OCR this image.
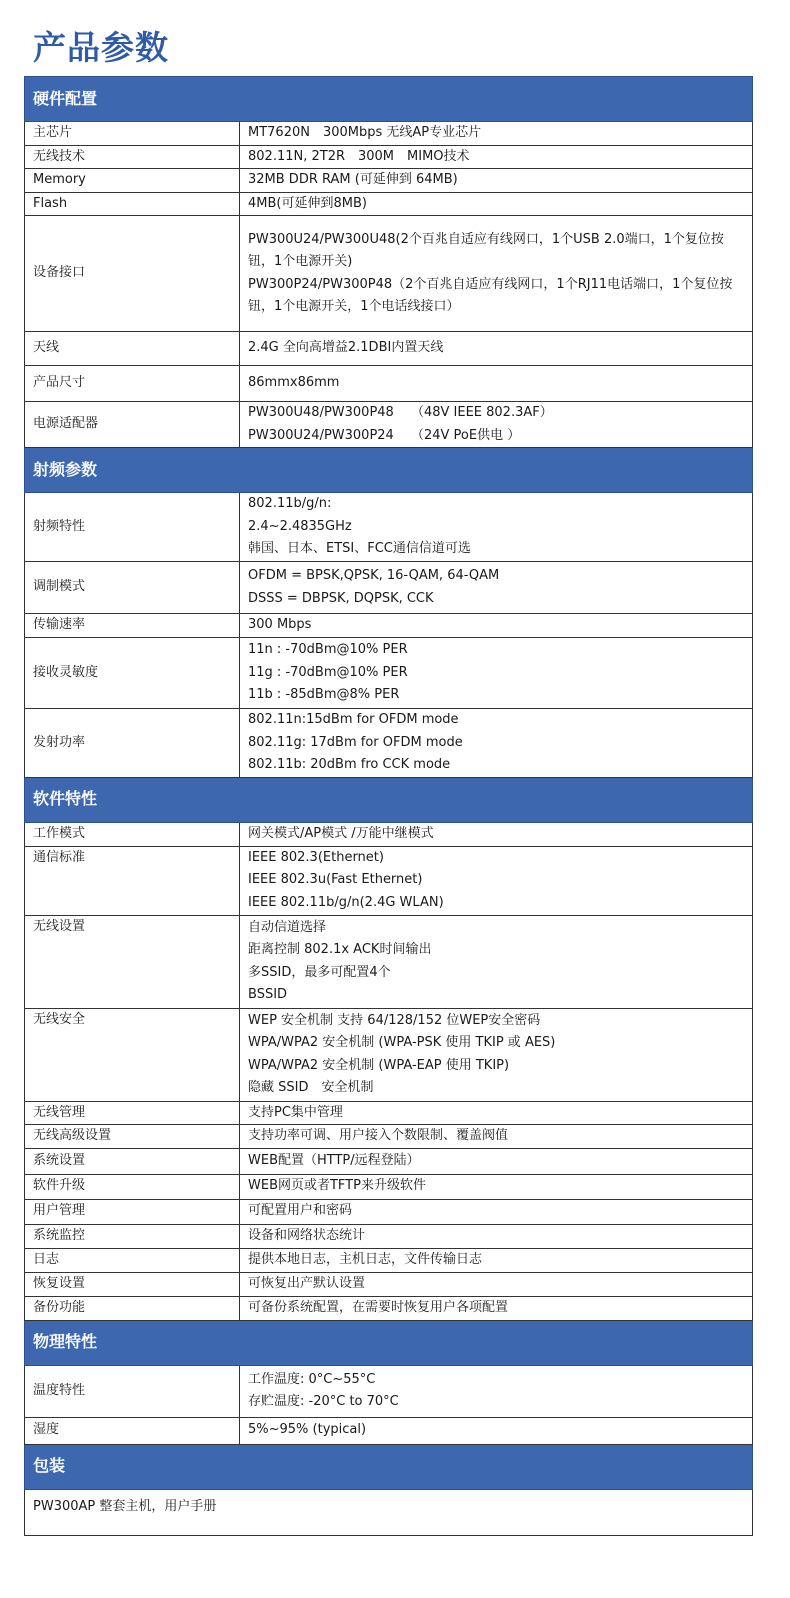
产品参数
硬件配置	
主芯片	MT7620N　300Mbps 无线AP专业芯片
无线技术	802.11N, 2T2R　300M　MIMO技术
Memory	32MB DDR RAM (可延伸到 64MB)
Flash	4MB(可延伸到8MB)
设备接口	PW300U24/PW300U48(2个百兆自适应有线网口，1个USB 2.0端口，1个复位按钮，1个电源开关)
PW300P24/PW300P48（2个百兆自适应有线网口，1个RJ11电话端口，1个复位按钮，1个电源开关，1个电话线接口）

天线	2.4G 全向高增益2.1DBI内置天线
产品尺寸	86mmx86mm
电源适配器	PW300U48/PW300P48　 （48V IEEE 802.3AF）
PW300U24/PW300P24　 （24V PoE供电 ）

射频参数	
射频特性	802.11b/g/n:
2.4~2.4835GHz
韩国、日本、ETSI、FCC通信信道可选

调制模式	OFDM = BPSK,QPSK, 16-QAM, 64-QAM
DSSS = DBPSK, DQPSK, CCK

传输速率	300 Mbps
接收灵敏度	11n : -70dBm@10% PER
11g : -70dBm@10% PER
11b : -85dBm@8% PER

发射功率	802.11n:15dBm for OFDM mode
802.11g: 17dBm for OFDM mode
802.11b: 20dBm fro CCK mode

软件特性	
工作模式	网关模式/AP模式 /万能中继模式
通信标准	IEEE 802.3(Ethernet)
IEEE 802.3u(Fast Ethernet)
IEEE 802.11b/g/n(2.4G WLAN)

无线设置	自动信道选择
距离控制 802.1x ACK时间输出
多SSID，最多可配置4个
BSSID

无线安全	WEP 安全机制 支持 64/128/152 位WEP安全密码
WPA/WPA2 安全机制 (WPA-PSK 使用 TKIP 或 AES)
WPA/WPA2 安全机制 (WPA-EAP 使用 TKIP)
隐藏 SSID　安全机制

无线管理	支持PC集中管理
无线高级设置	支持功率可调、用户接入个数限制、覆盖阀值
系统设置	WEB配置（HTTP/远程登陆）
软件升级	WEB网页或者TFTP来升级软件
用户管理	可配置用户和密码
系统监控	设备和网络状态统计
日志	提供本地日志，主机日志，文件传输日志
恢复设置	可恢复出产默认设置
备份功能	可备份系统配置，在需要时恢复用户各项配置
物理特性	
温度特性	工作温度: 0°C~55°C
存贮温度: -20°C to 70°C

湿度	5%~95% (typical)
包装	
PW300AP 整套主机，用户手册	
